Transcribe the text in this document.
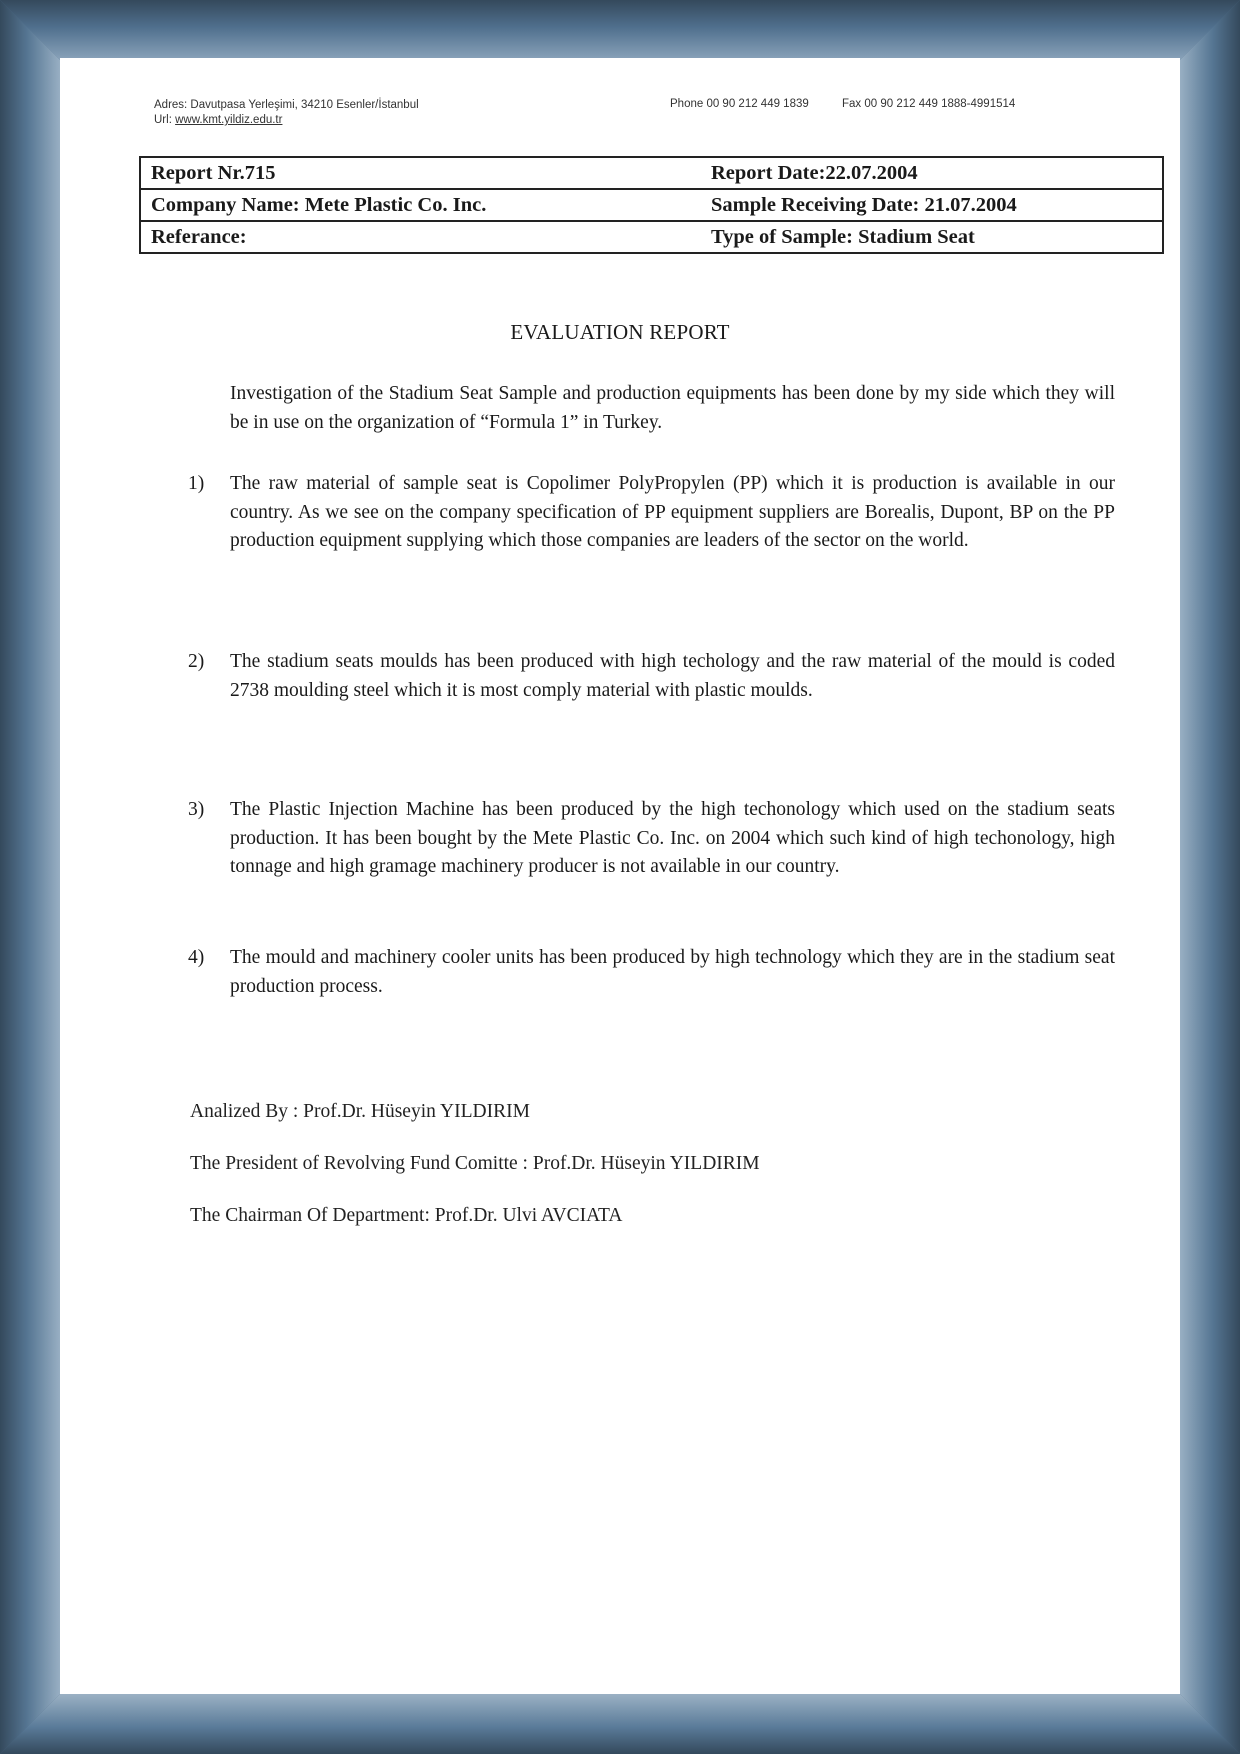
Adres: Davutpasa Yerleşimi, 34210 Esenler/İstanbul
Url: www.kmt.yildiz.edu.tr
Phone 00 90 212 449 1839	Fax 00 90 212 449 1888-4991514
Report Nr.715	Report Date:22.07.2004
Company Name: Mete Plastic Co. Inc.	Sample Receiving Date: 21.07.2004
Referance:	Type of Sample: Stadium Seat
EVALUATION REPORT
Investigation of the Stadium Seat Sample and production equipments has been done by my side which they will be in use on the organization of “Formula 1” in Turkey.
1)	The raw material of sample seat is Copolimer PolyPropylen (PP) which it is production is available in our country. As we see on the company specification of PP equipment suppliers are Borealis, Dupont, BP on the PP production equipment supplying which those companies are leaders of the sector on the world.
2)	The stadium seats moulds has been produced with high techology and the raw material of the mould is coded 2738 moulding steel which it is most comply material with plastic moulds.
3)	The Plastic Injection Machine has been produced by the high techonology which used on the stadium seats production. It has been bought by the Mete Plastic Co. Inc. on 2004 which such kind of high techonology, high tonnage and high gramage machinery producer is not available in our country.
4)	The mould and machinery cooler units has been produced by high technology which they are in the stadium seat production process.
Analized By : Prof.Dr. Hüseyin YILDIRIM
The President of Revolving Fund Comitte : Prof.Dr. Hüseyin YILDIRIM
The Chairman Of Department: Prof.Dr. Ulvi AVCIATA
